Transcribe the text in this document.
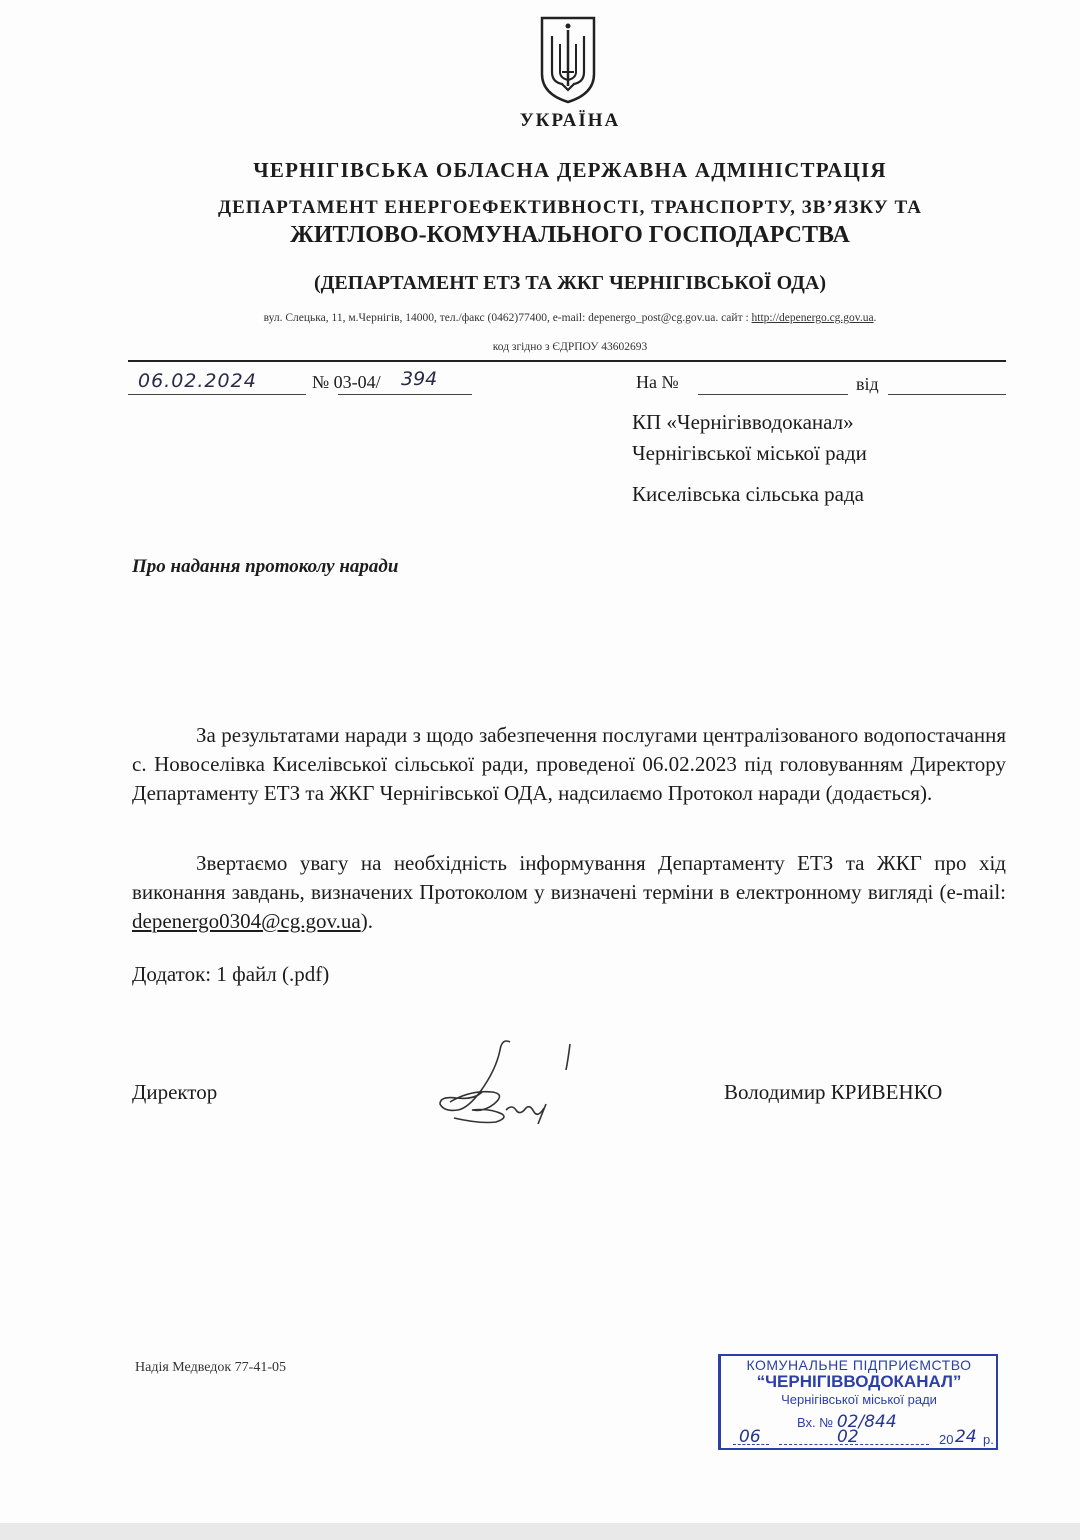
УКРАЇНА
ЧЕРНІГІВСЬКА ОБЛАСНА ДЕРЖАВНА АДМІНІСТРАЦІЯ
ДЕПАРТАМЕНТ ЕНЕРГОЕФЕКТИВНОСТІ, ТРАНСПОРТУ, ЗВ’ЯЗКУ ТА
ЖИТЛОВО-КОМУНАЛЬНОГО ГОСПОДАРСТВА
(ДЕПАРТАМЕНТ ЕТЗ ТА ЖКГ ЧЕРНІГІВСЬКОЇ ОДА)
вул. Слецька, 11, м.Чернігів, 14000, тел./факс (0462)77400, e-mail: depenergo_post@cg.gov.ua. сайт : http://depenergo.cg.gov.ua.
код згідно з ЄДРПОУ 43602693
06.02.2024	№ 03-04/ 394	На №	від
КП «Чернігівводоканал»
Чернігівської міської ради
Киселівська сільська рада
Про надання протоколу наради
За результатами наради з щодо забезпечення послугами централізованого водопостачання с. Новоселівка Киселівської сільської ради, проведеної 06.02.2023 під головуванням Директору Департаменту ЕТЗ та ЖКГ Чернігівської ОДА, надсилаємо Протокол наради (додається).
Звертаємо увагу на необхідність інформування Департаменту ЕТЗ та ЖКГ про хід виконання завдань, визначених Протоколом у визначені терміни в електронному вигляді (e-mail: depenergo0304@cg.gov.ua).
Додаток: 1 файл (.pdf)
Директор	Володимир КРИВЕНКО
Надія Медведок 77-41-05	КОМУНАЛЬНЕ ПІДПРИЄМСТВО
“ЧЕРНІГІВВОДОКАНАЛ”
Чернігівської міської ради
Вх. № 02/844
06	02	20 24 р.
